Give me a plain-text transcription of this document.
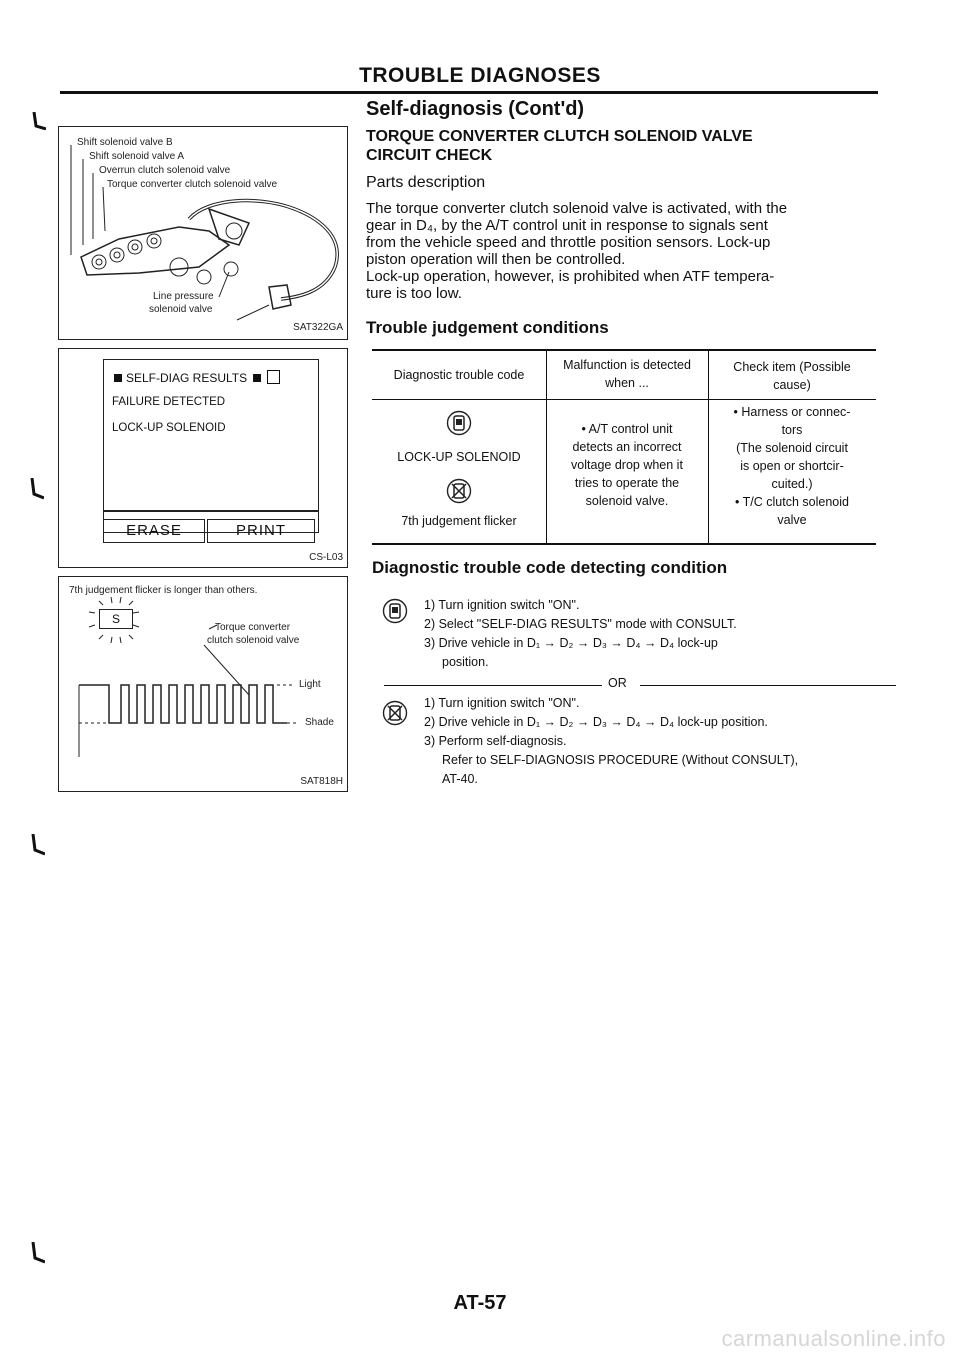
TROUBLE DIAGNOSES
Shift solenoid valve B
Shift solenoid valve A
Overrun clutch solenoid valve
Torque converter clutch solenoid valve
Line pressure
solenoid valve
SAT322GA
SELF-DIAG RESULTS
FAILURE DETECTED
LOCK-UP SOLENOID
ERASE	PRINT
CS-L03
7th judgement flicker is longer than others.
S
Torque converter
clutch solenoid valve
Light
Shade
SAT818H
Self-diagnosis (Cont'd)
TORQUE CONVERTER CLUTCH SOLENOID VALVE
CIRCUIT CHECK
Parts description

The torque converter clutch solenoid valve is activated, with the

gear in D₄, by the A/T control unit in response to signals sent

from the vehicle speed and throttle position sensors. Lock-up

piston operation will then be controlled.

Lock-up operation, however, is prohibited when ATF tempera-

ture is too low.

Trouble judgement conditions
Diagnostic trouble code
Malfunction is detected
when ...
Check item (Possible
cause)
LOCK-UP SOLENOID
7th judgement flicker
• A/T control unit
detects an incorrect
voltage drop when it
tries to operate the
solenoid valve.
• Harness or connec-
tors
(The solenoid circuit
is open or shortcir-
cuited.)
• T/C clutch solenoid
valve
Diagnostic trouble code detecting condition
1) Turn ignition switch "ON".
2) Select "SELF-DIAG RESULTS" mode with CONSULT.
3) Drive vehicle in D₁ → D₂ → D₃ → D₄ → D₄ lock-up
position.
OR
1) Turn ignition switch "ON".
2) Drive vehicle in D₁ → D₂ → D₃ → D₄ → D₄ lock-up position.
3) Perform self-diagnosis.
Refer to SELF-DIAGNOSIS PROCEDURE (Without CONSULT),
AT-40.
AT-57
carmanualsonline.info
